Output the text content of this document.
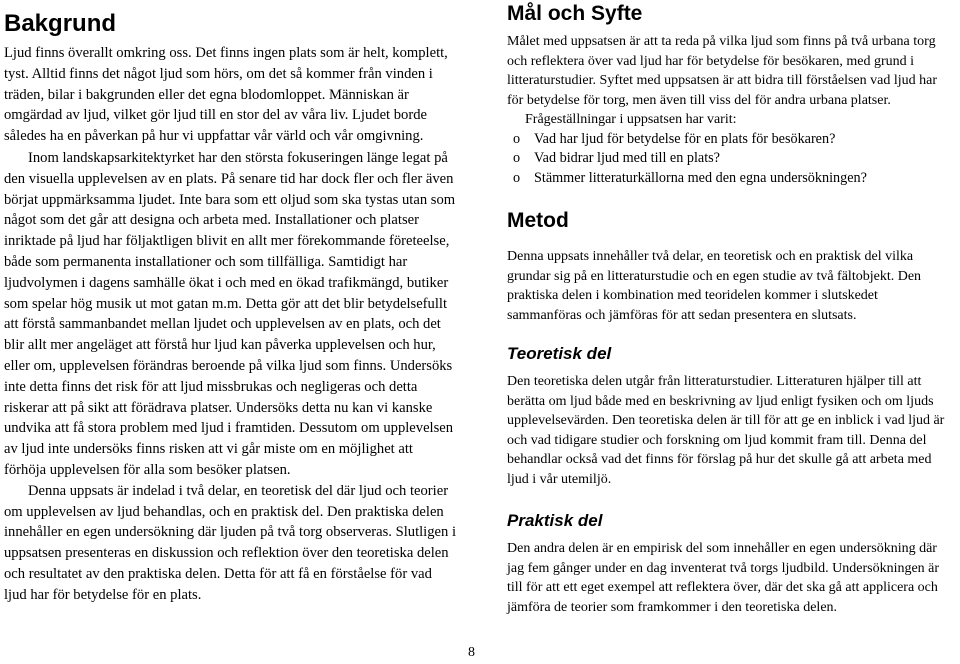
Bakgrund

Ljud finns överallt omkring oss. Det finns ingen plats som är helt, komplett, tyst. Alltid finns det något ljud som hörs, om det så kommer från vinden i träden, bilar i bakgrunden eller det egna blodomloppet. Människan är omgärdad av ljud, vilket gör ljud till en stor del av våra liv. Ljudet borde således ha en påverkan på hur vi uppfattar vår värld och vår omgivning.

Inom landskapsarkitektyrket har den största fokuseringen länge legat på den visuella upplevelsen av en plats. På senare tid har dock fler och fler även börjat uppmärksamma ljudet. Inte bara som ett oljud som ska tystas utan som något som det går att designa och arbeta med. Installationer och platser inriktade på ljud har följaktligen blivit en allt mer förekommande företeelse, både som permanenta installationer och som tillfälliga. Samtidigt har ljudvolymen i dagens samhälle ökat i och med en ökad trafikmängd, butiker som spelar hög musik ut mot gatan m.m. Detta gör att det blir betydelsefullt att förstå sammanbandet mellan ljudet och upplevelsen av en plats, och det blir allt mer angeläget att förstå hur ljud kan påverka upplevelsen och hur, eller om, upplevelsen förändras beroende på vilka ljud som finns. Undersöks inte detta finns det risk för att ljud missbrukas och negligeras och detta riskerar att på sikt att förädrava platser. Undersöks detta nu kan vi kanske undvika att få stora problem med ljud i framtiden. Dessutom om upplevelsen av ljud inte undersöks finns risken att vi går miste om en möjlighet att förhöja upplevelsen för alla som besöker platsen.

Denna uppsats är indelad i två delar, en teoretisk del där ljud och teorier om upplevelsen av ljud behandlas, och en praktisk del. Den praktiska delen innehåller en egen undersökning där ljuden på två torg observeras. Slutligen i uppsatsen presenteras en diskussion och reflektion över den teoretiska delen och resultatet av den praktiska delen. Detta för att få en förståelse för vad ljud har för betydelse för en plats.

Mål och Syfte

Målet med uppsatsen är att ta reda på vilka ljud som finns på två urbana torg och reflektera över vad ljud har för betydelse för besökaren, med grund i litteraturstudier. Syftet med uppsatsen är att bidra till förståelsen vad ljud har för betydelse för torg, men även till viss del för andra urbana platser.

Frågeställningar i uppsatsen har varit:

o Vad har ljud för betydelse för en plats för besökaren?
o Vad bidrar ljud med till en plats?
o Stämmer litteraturkällorna med den egna undersökningen?
Metod

Denna uppsats innehåller två delar, en teoretisk och en praktisk del vilka grundar sig på en litteraturstudie och en egen studie av två fältobjekt. Den praktiska delen i kombination med teoridelen kommer i slutskedet sammanföras och jämföras för att sedan presentera en slutsats.

Teoretisk del

Den teoretiska delen utgår från litteraturstudier. Litteraturen hjälper till att berätta om ljud både med en beskrivning av ljud enligt fysiken och om ljuds upplevelsevärden. Den teoretiska delen är till för att ge en inblick i vad ljud är och vad tidigare studier och forskning om ljud kommit fram till. Denna del behandlar också vad det finns för förslag på hur det skulle gå att arbeta med ljud i vår utemiljö.

Praktisk del

Den andra delen är en empirisk del som innehåller en egen undersökning där jag fem gånger under en dag inventerat två torgs ljudbild. Undersökningen är till för att ett eget exempel att reflektera över, där det ska gå att applicera och jämföra de teorier som framkommer i den teoretiska delen.

8
